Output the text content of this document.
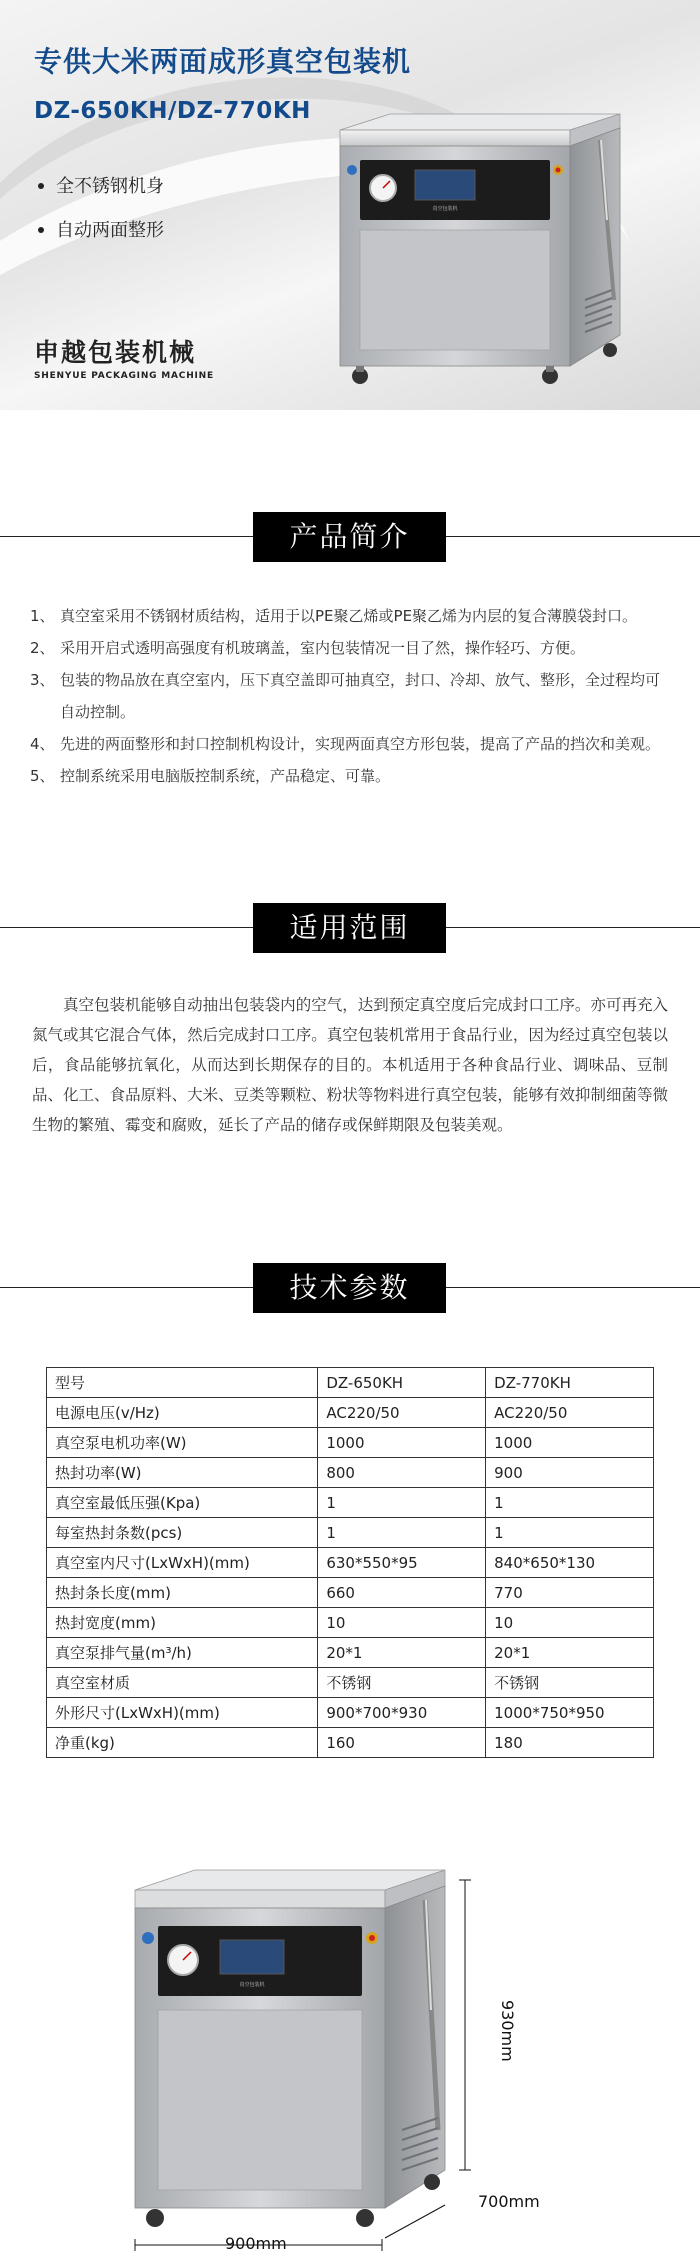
专供大米两面成形真空包装机
DZ-650KH/DZ-770KH
全不锈钢机身
自动两面整形
申越包装机械
SHENYUE PACKAGING MACHINE
真空包装机
产品简介
1、 真空室采用不锈钢材质结构，适用于以PE聚乙烯或PE聚乙烯为内层的复合薄膜袋封口。
2、 采用开启式透明高强度有机玻璃盖，室内包装情况一目了然，操作轻巧、方便。
3、 包装的物品放在真空室内，压下真空盖即可抽真空，封口、冷却、放气、整形，全过程均可自动控制。
4、 先进的两面整形和封口控制机构设计，实现两面真空方形包装，提高了产品的挡次和美观。
5、 控制系统采用电脑版控制系统，产品稳定、可靠。
适用范围

真空包装机能够自动抽出包装袋内的空气，达到预定真空度后完成封口工序。亦可再充入氮气或其它混合气体，然后完成封口工序。真空包装机常用于食品行业，因为经过真空包装以后，食品能够抗氧化，从而达到长期保存的目的。本机适用于各种食品行业、调味品、豆制品、化工、食品原料、大米、豆类等颗粒、粉状等物料进行真空包装，能够有效抑制细菌等微生物的繁殖、霉变和腐败，延长了产品的储存或保鲜期限及包装美观。

技术参数
型号	DZ-650KH	DZ-770KH
电源电压(v/Hz)	AC220/50	AC220/50
真空泵电机功率(W)	1000	1000
热封功率(W)	800	900
真空室最低压强(Kpa)	1	1
每室热封条数(pcs)	1	1
真空室内尺寸(LxWxH)(mm)	630*550*95	840*650*130
热封条长度(mm)	660	770
热封宽度(mm)	10	10
真空泵排气量(m³/h)	20*1	20*1
真空室材质	不锈钢	不锈钢
外形尺寸(LxWxH)(mm)	900*700*930	1000*750*950
净重(kg)	160	180
真空包装机
930mm
700mm
900mm
